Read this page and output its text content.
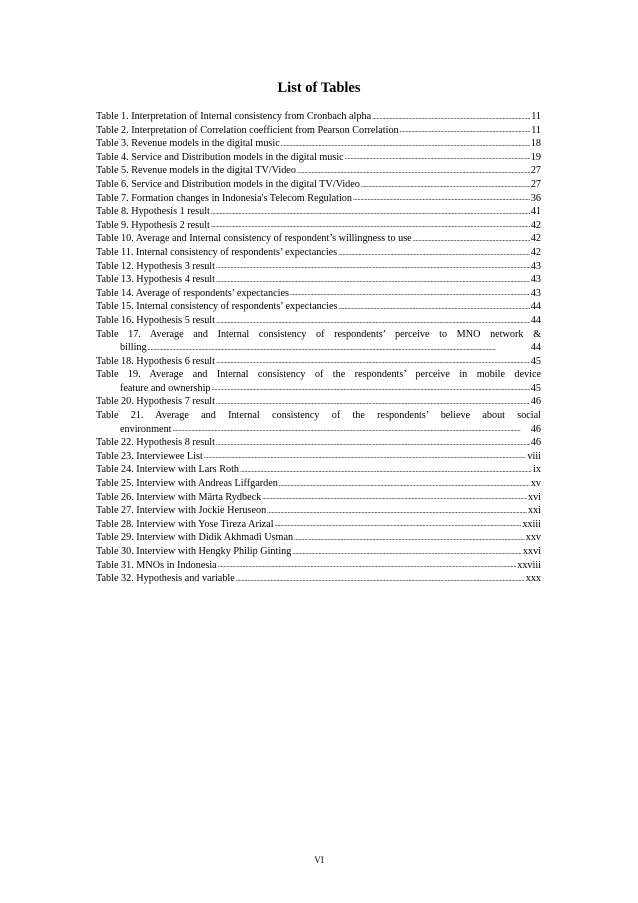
List of Tables
Table 1. Interpretation of Internal consistency from Cronbach alpha .....	11
Table 2. Interpretation of Correlation coefficient from Pearson Correlation .....	11
Table 3. Revenue models in the digital music .....	18
Table 4. Service and Distribution models in the digital music .....	19
Table 5. Revenue models in the digital TV/Video .....	27
Table 6. Service and Distribution models in the digital TV/Video .....	27
Table 7. Formation changes in Indonesia's Telecom Regulation .....	36
Table 8. Hypothesis 1 result .....	41
Table 9. Hypothesis 2 result .....	42
Table 10. Average and Internal consistency of respondent’s willingness to use .....	42
Table 11. Internal consistency of respondents’ expectancies .....	42
Table 12. Hypothesis 3 result .....	43
Table 13. Hypothesis 4 result .....	43
Table 14. Average of respondents’ expectancies .....	43
Table 15. Internal consistency of respondents’ expectancies .....	44
Table 16. Hypothesis 5 result .....	44
Table 17. Average and Internal consistency of respondents’ perceive to MNO network &
billing .....	44
Table 18. Hypothesis 6 result .....	45
Table 19. Average and Internal consistency of the respondents’ perceive in mobile device
feature and ownership .....	45
Table 20. Hypothesis 7 result .....	46
Table 21. Average and Internal consistency of the respondents’ believe about social
environment .....	46
Table 22. Hypothesis 8 result .....	46
Table 23. Interviewee List .....	viii
Table 24. Interview with Lars Roth .....	ix
Table 25. Interview with Andreas Liffgarden .....	xv
Table 26. Interview with Märta Rydbeck .....	xvi
Table 27. Interview with Jockie Heruseon .....	xxi
Table 28. Interview with Yose Tireza Arizal .....	xxiii
Table 29. Interview with Didik Akhmadi Usman .....	xxv
Table 30. Interview with Hengky Philip Ginting .....	xxvi
Table 31. MNOs in Indonesia .....	xxviii
Table 32. Hypothesis and variable .....	xxx
VI
